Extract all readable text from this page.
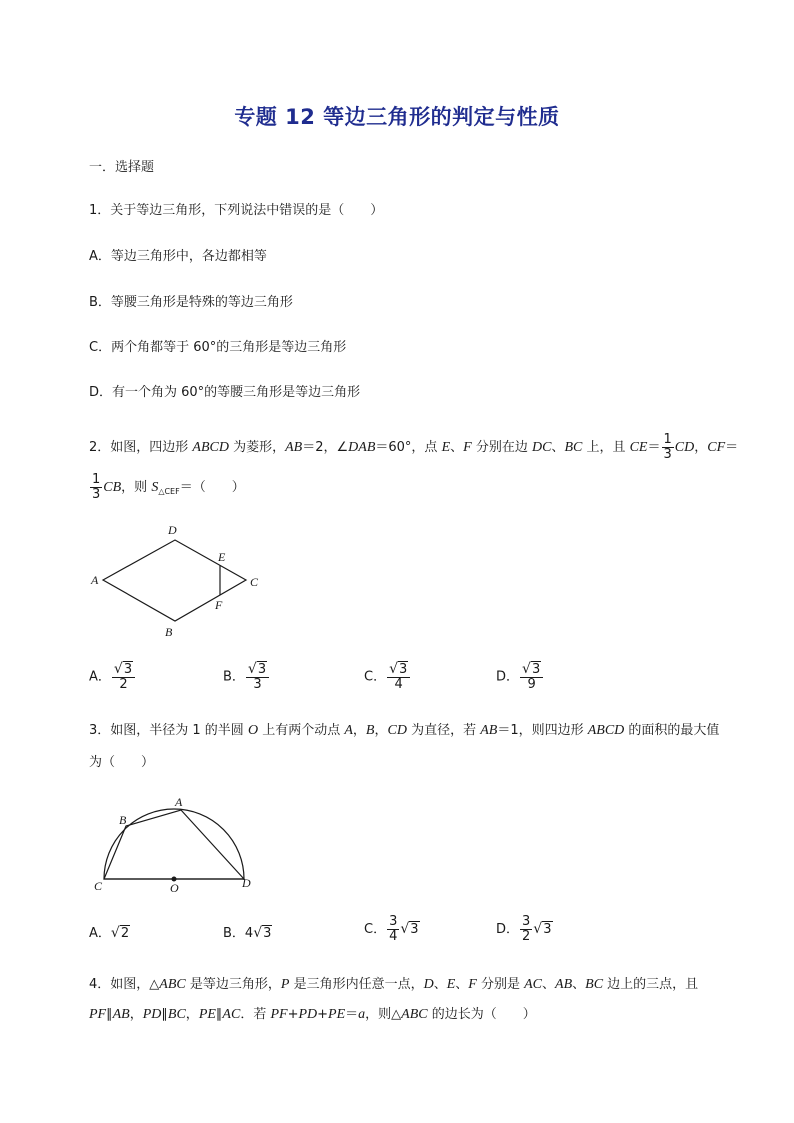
专题 12 等边三角形的判定与性质
一．选择题
1．关于等边三角形，下列说法中错误的是（　　）
A．等边三角形中，各边都相等
B．等腰三角形是特殊的等边三角形
C．两个角都等于 60°的三角形是等边三角形
D．有一个角为 60°的等腰三角形是等边三角形
2．如图，四边形 ABCD 为菱形，AB＝2，∠DAB＝60°，点 E、F 分别在边 DC、BC 上，且 $CE= \frac{1}{3}$ CD，CF＝
$\frac{1}{3}$ CB，则 $S_{\triangle CEF}=$（　　）
A
D
E
C
F
B
A． $\frac{√3}{2}$	B． $\frac{√3}{3}$	C． $\frac{√3}{4}$	D． $\frac{√3}{9}$
3．如图，半径为 1 的半圆 O 上有两个动点 A，B，CD 为直径，若 AB＝1，则四边形 ABCD 的面积的最大值
为（　　）
A
B
C	O	D
A．√2	B．4√3	C． $\frac{3}{4} √3$	D． $\frac{3}{2} √3$
4．如图，△ABC 是等边三角形，P 是三角形内任意一点，D、E、F 分别是 AC、AB、BC 边上的三点，且
PF∥AB，PD∥BC，PE∥AC．若 PF+PD+PE＝a，则△ABC 的边长为（　　）
